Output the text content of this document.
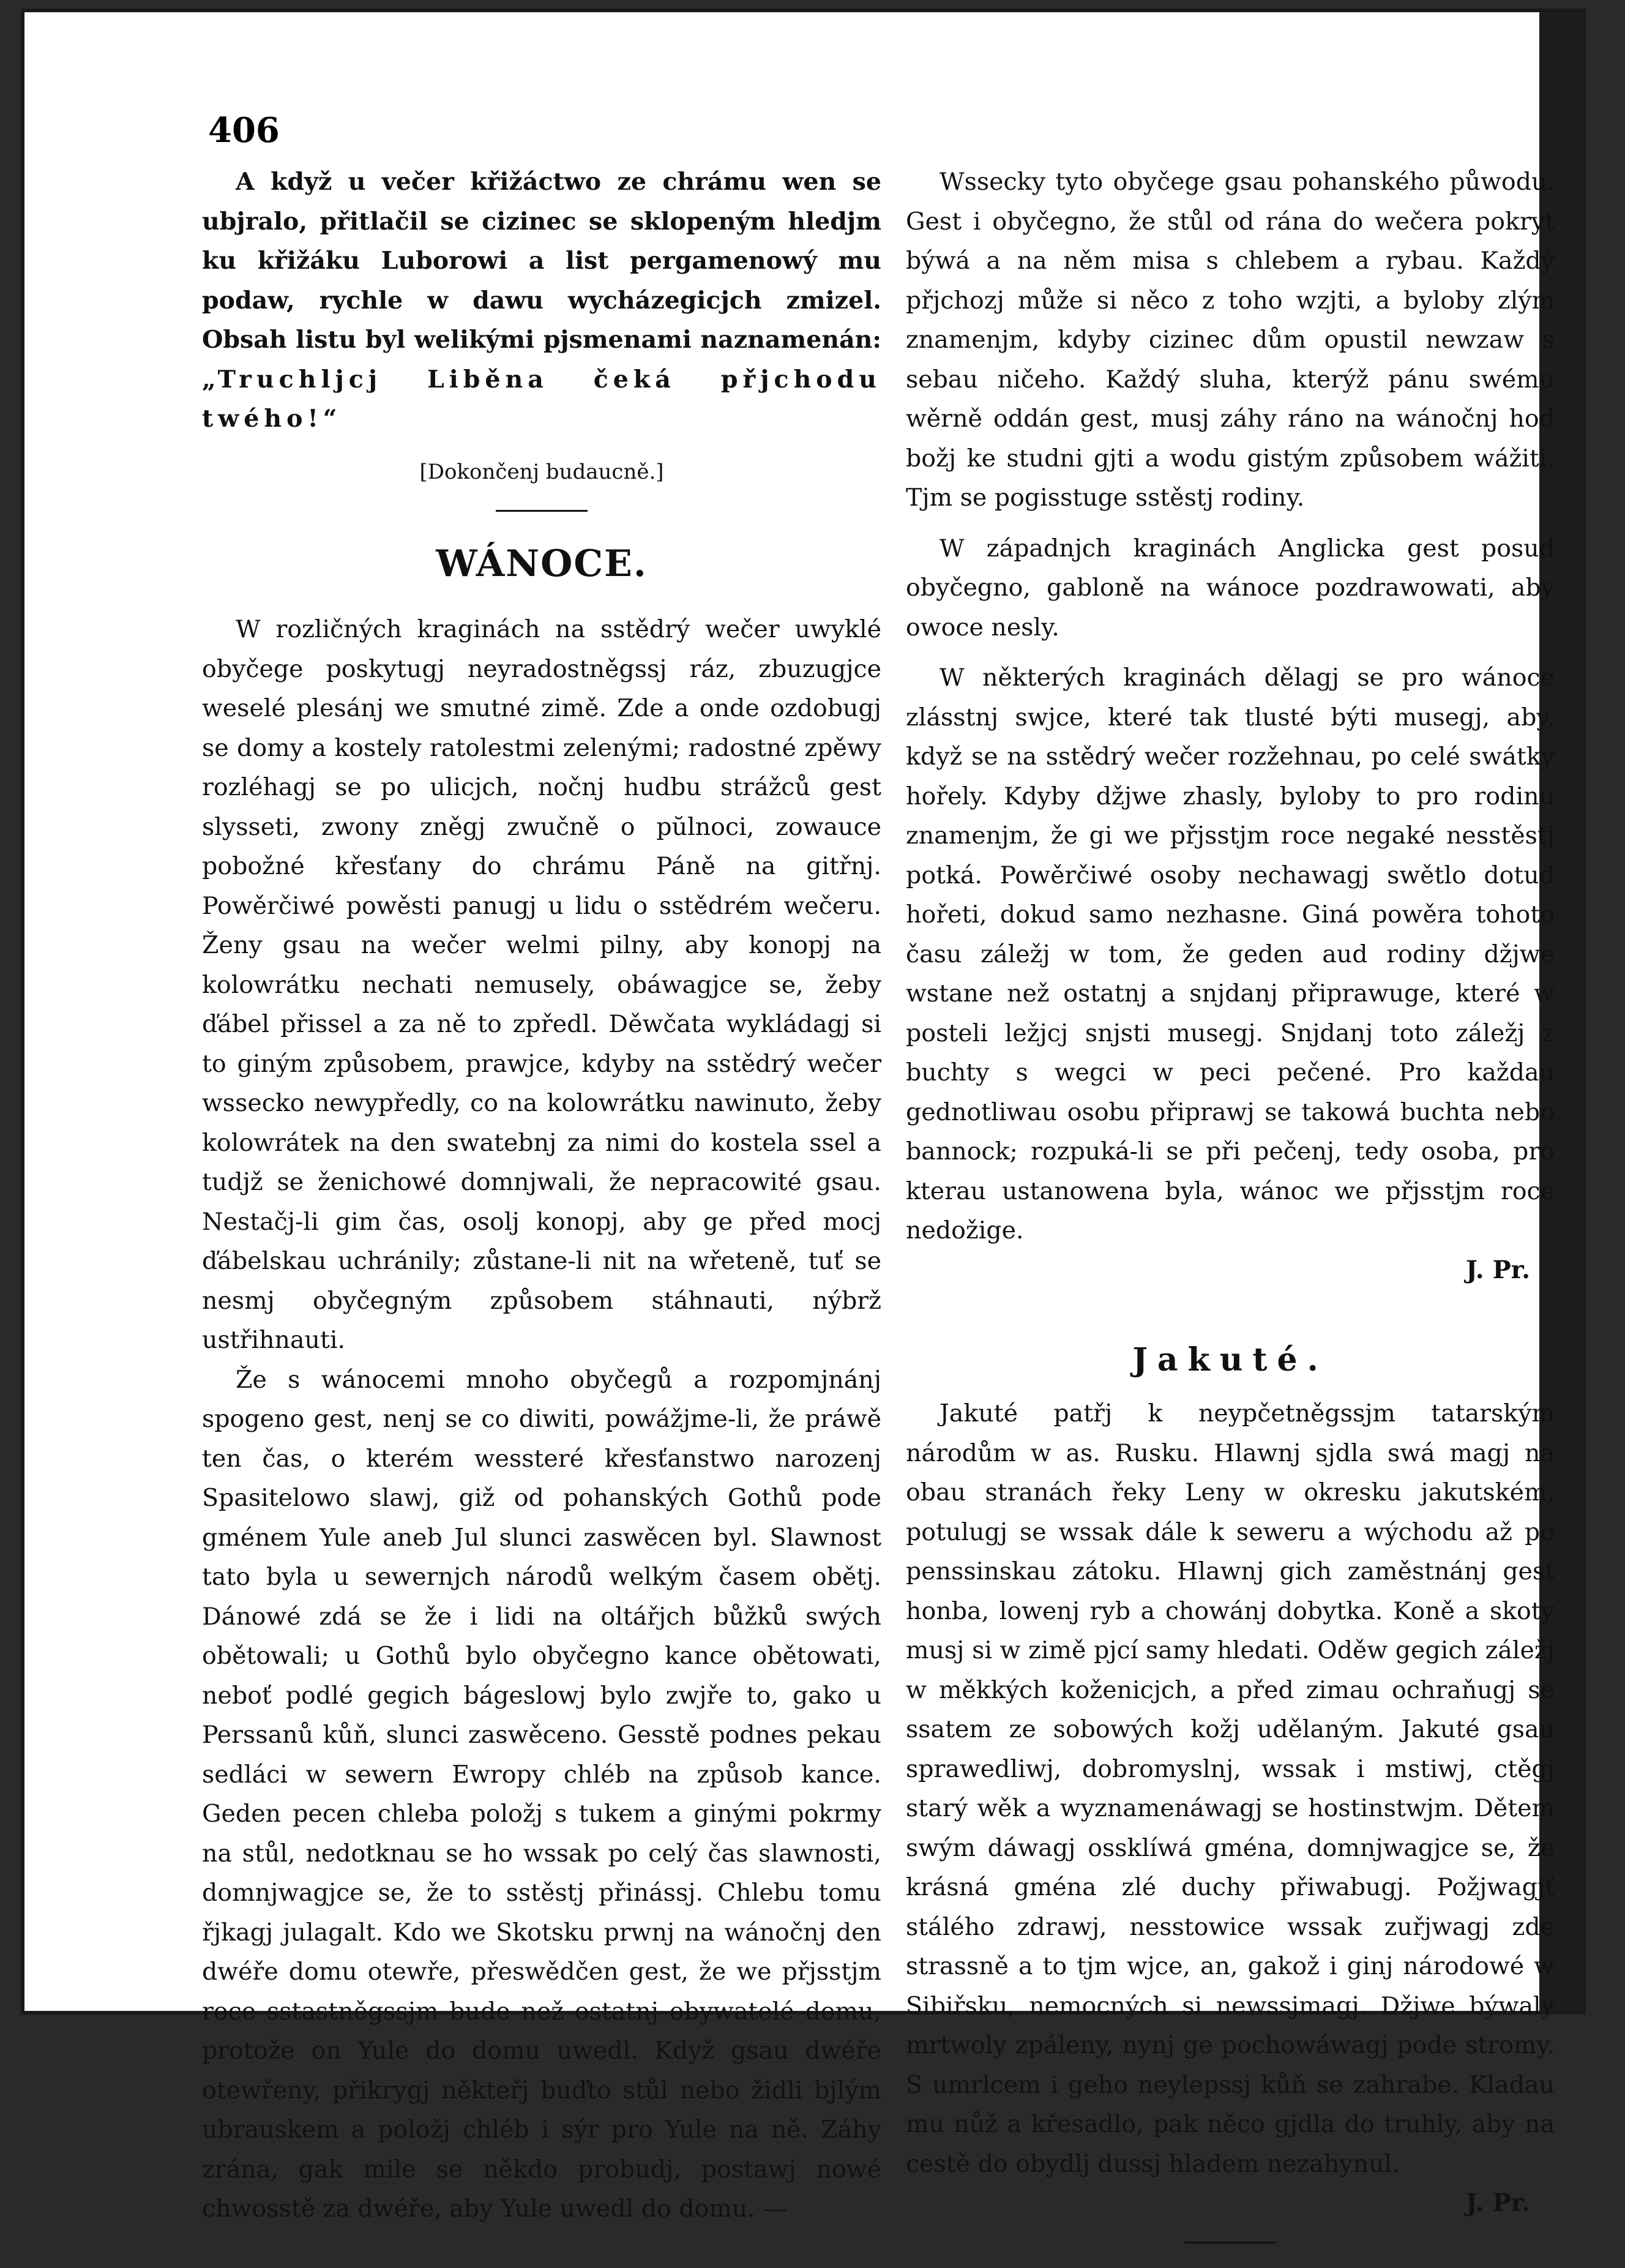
406

A když u večer křižáctwo ze chrámu wen se ubjralo, přitlačil se cizinec se sklopeným hledjm ku křižáku Luborowi a list pergamenowý mu podaw, rychle w dawu wycházegicjch zmizel. Obsah listu byl welikými pjsmenami naznamenán: „Truchljcj Liběna čeká přjchodu twého!“

[Dokončenj budaucně.]

WÁNOCE.

W rozličných kraginách na sstědrý wečer uwyklé obyčege poskytugj neyradostněgssj ráz, zbuzugjce weselé plesánj we smutné zimě. Zde a onde ozdobugj se domy a kostely ratolestmi zelenými; radostné zpěwy rozléhagj se po ulicjch, nočnj hudbu strážců gest slysseti, zwony zněgj zwučně o pŭlnoci, zowauce pobožné křesťany do chrámu Páně na gitřnj. Powěrčiwé powěsti panugj u lidu o sstědrém wečeru. Ženy gsau na wečer welmi pilny, aby konopj na kolowrátku nechati nemusely, obáwagjce se, žeby ďábel přissel a za ně to zpředl. Děwčata wykládagj si to giným způsobem, prawjce, kdyby na sstědrý wečer wssecko newypředly, co na kolowrátku nawinuto, žeby kolowrátek na den swatebnj za nimi do kostela ssel a tudjž se ženichowé domnjwali, že nepracowité gsau. Nestačj-li gim čas, osolj konopj, aby ge před mocj ďábelskau uchránily; zůstane-li nit na wřeteně, tuť se nesmj obyčegným způsobem stáhnauti, nýbrž ustřihnauti.

Že s wánocemi mnoho obyčegů a rozpomjnánj spogeno gest, nenj se co diwiti, powážjme-li, že práwě ten čas, o kterém wessteré křesťanstwo narozenj Spasitelowo slawj, giž od pohanských Gothů pode gménem Yule aneb Jul slunci zaswěcen byl. Slawnost tato byla u sewernjch národů welkým časem obětj. Dánowé zdá se že i lidi na oltářjch bůžků swých obětowali; u Gothů bylo obyčegno kance obětowati, neboť podlé gegich bágeslowj bylo zwjře to, gako u Perssanů kůň, slunci zaswěceno. Gesstě podnes pekau sedláci w sewern Ewropy chléb na způsob kance. Geden pecen chleba položj s tukem a ginými pokrmy na stůl, nedotknau se ho wssak po celý čas slawnosti, domnjwagjce se, že to sstěstj přinássj. Chlebu tomu řjkagj julagalt. Kdo we Skotsku prwnj na wánočnj den dwéře domu otewře, přeswědčen gest, že we přjsstjm roce sstastněgssjm bude než ostatnj obywatelé domu, protože on Yule do domu uwedl. Když gsau dwéře otewřeny, přikrygj někteřj buďto stůl nebo židli bjlým ubrauskem a položj chléb i sýr pro Yule na ně. Záhy zrána, gak mile se někdo probudj, postawj nowé chwosstě za dwéře, aby Yule uwedl do domu. —

Wssecky tyto obyčege gsau pohanského půwodu. Gest i obyčegno, že stůl od rána do wečera pokryt býwá a na něm misa s chlebem a rybau. Každý přjchozj může si něco z toho wzjti, a byloby zlým znamenjm, kdyby cizinec dům opustil newzaw s sebau ničeho. Každý sluha, kterýž pánu swému wěrně oddán gest, musj záhy ráno na wánočnj hod božj ke studni gjti a wodu gistým způsobem wážiti. Tjm se pogisstuge sstěstj rodiny.

W západnjch kraginách Anglicka gest posud obyčegno, gabloně na wánoce pozdrawowati, aby owoce nesly.

W některých kraginách dělagj se pro wánoce zlásstnj swjce, které tak tlusté býti musegj, aby, když se na sstědrý wečer rozžehnau, po celé swátky hořely. Kdyby džjwe zhasly, byloby to pro rodinu znamenjm, že gi we přjsstjm roce negaké nesstěstj potká. Powěrčiwé osoby nechawagj swětlo dotud hořeti, dokud samo nezhasne. Giná powěra tohoto času záležj w tom, že geden aud rodiny džjwe wstane než ostatnj a snjdanj připrawuge, které w posteli ležjcj snjsti musegj. Snjdanj toto záležj z buchty s wegci w peci pečené. Pro každau gednotliwau osobu připrawj se takowá buchta nebo bannock; rozpuká-li se při pečenj, tedy osoba, pro kterau ustanowena byla, wánoc we přjsstjm roce nedožige.

J. Pr.

Jakuté.

Jakuté patřj k neypčetněgssjm tatarským národům w as. Rusku. Hlawnj sjdla swá magj na obau stranách řeky Leny w okresku jakutském, potulugj se wssak dále k seweru a wýchodu až po penssinskau zátoku. Hlawnj gich zaměstnánj gest honba, lowenj ryb a chowánj dobytka. Koně a skoty musj si w zimě pjcí samy hledati. Oděw gegich záležj w měkkých koženicjch, a před zimau ochraňugj se ssatem ze sobowých kožj udělaným. Jakuté gsau sprawedliwj, dobromyslnj, wssak i mstiwj, ctěgj starý wěk a wyznamenáwagj se hostinstwjm. Dětem swým dáwagj ossklíwá gména, domnjwagjce se, že krásná gména zlé duchy přiwabugj. Požjwagjť stálého zdrawj, nesstowice wssak zuřjwagj zde strassně a to tjm wjce, an, gakož i ginj národowé w Sibiřsku, nemocných si newssjmagj. Džjwe býwaly mrtwoly zpáleny, nynj ge pochowáwagj pode stromy. S umrlcem i geho neylepssj kůň se zahrabe. Kladau mu nůž a křesadlo, pak něco gjdla do truhly, aby na cestě do obydlj dussj hladem nezahynul.

J. Pr.
